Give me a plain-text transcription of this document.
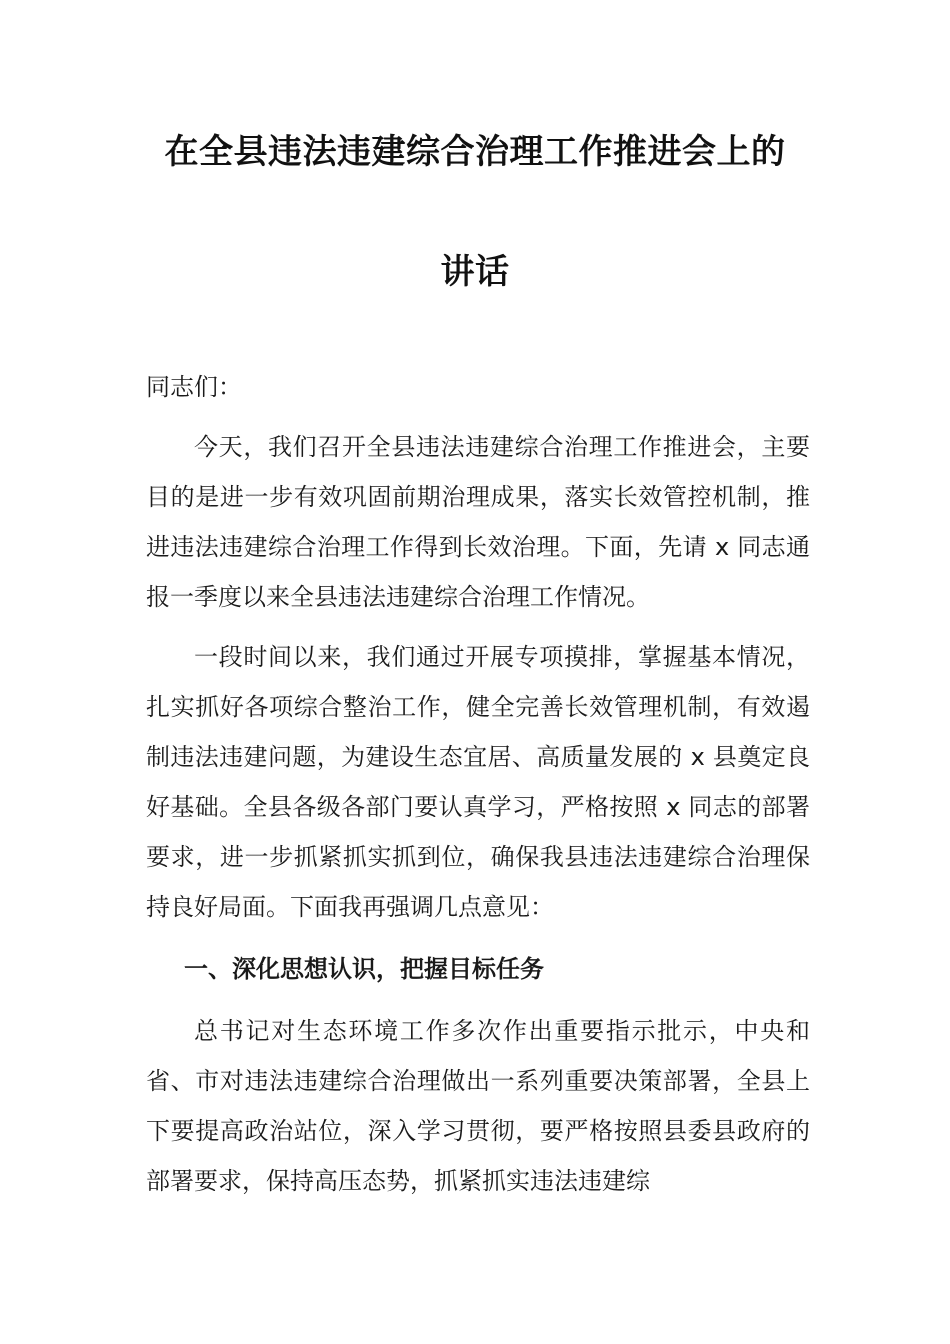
在全县违法违建综合治理工作推进会上的
讲话
同志们：
今天，我们召开全县违法违建综合治理工作推进会，主要目的是进一步有效巩固前期治理成果，落实长效管控机制，推进违法违建综合治理工作得到长效治理。下面，先请 x 同志通报一季度以来全县违法违建综合治理工作情况。
一段时间以来，我们通过开展专项摸排，掌握基本情况，扎实抓好各项综合整治工作，健全完善长效管理机制，有效遏制违法违建问题，为建设生态宜居、高质量发展的 x 县奠定良好基础。全县各级各部门要认真学习，严格按照 x 同志的部署要求，进一步抓紧抓实抓到位，确保我县违法违建综合治理保持良好局面。下面我再强调几点意见：
一、深化思想认识，把握目标任务
总书记对生态环境工作多次作出重要指示批示，中央和省、市对违法违建综合治理做出一系列重要决策部署，全县上下要提高政治站位，深入学习贯彻，要严格按照县委县政府的部署要求，保持高压态势，抓紧抓实违法违建综
